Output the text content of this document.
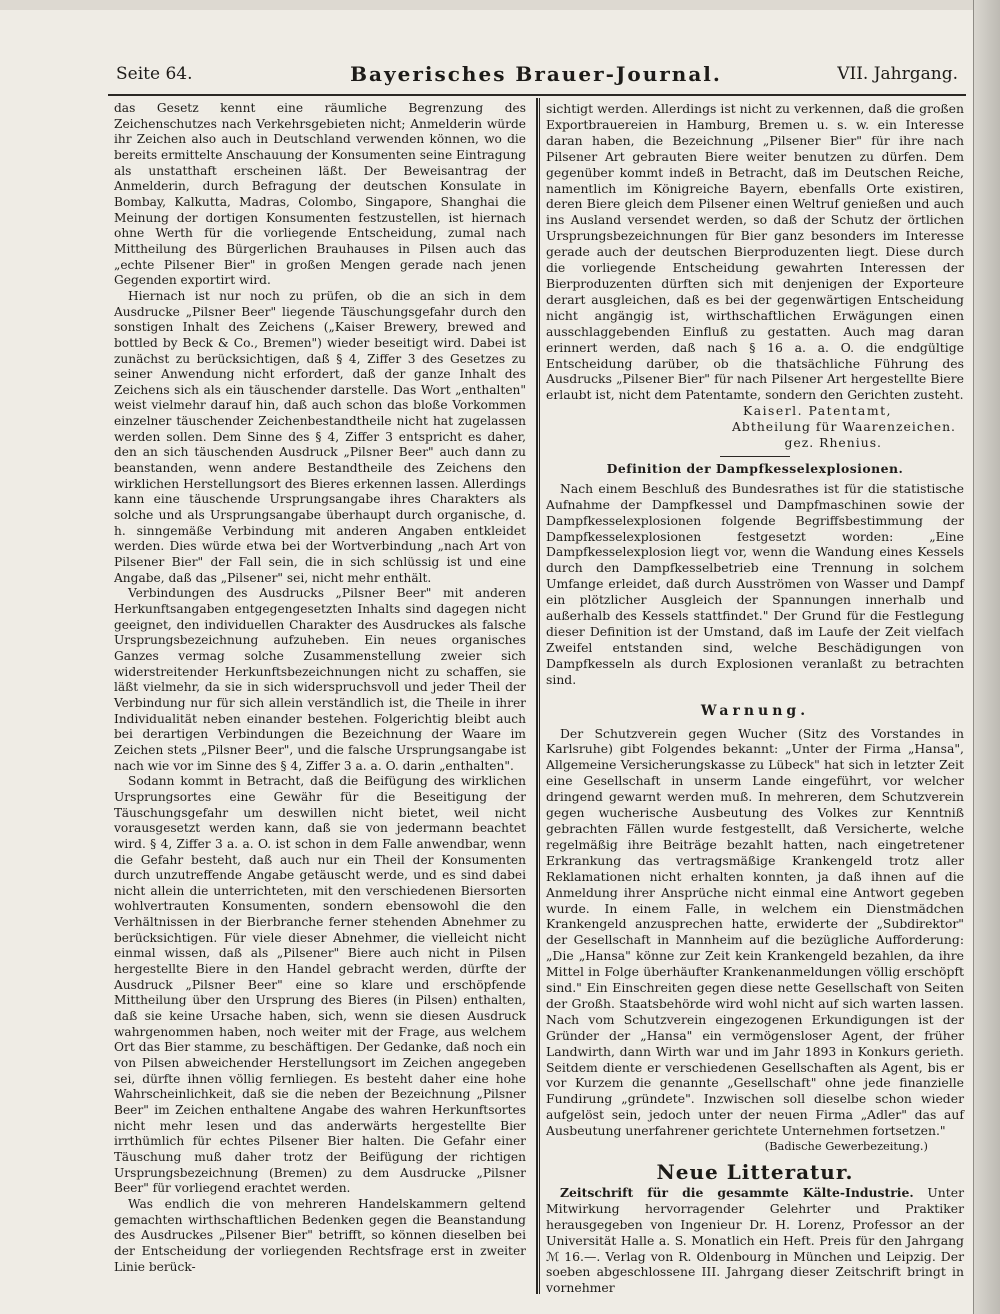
Seite 64.	Bayerisches Brauer-Journal.	VII. Jahrgang.

das Gesetz kennt eine räumliche Begrenzung des Zeichenschutzes nach Verkehrsgebieten nicht; Anmelderin würde ihr Zeichen also auch in Deutschland verwenden können, wo die bereits ermittelte Anschauung der Konsumenten seine Eintragung als unstatthaft erscheinen läßt. Der Beweisantrag der Anmelderin, durch Befragung der deutschen Konsulate in Bombay, Kalkutta, Madras, Colombo, Singapore, Shanghai die Meinung der dortigen Konsumenten festzustellen, ist hiernach ohne Werth für die vorliegende Entscheidung, zumal nach Mittheilung des Bürgerlichen Brauhauses in Pilsen auch das „echte Pilsener Bier" in großen Mengen gerade nach jenen Gegenden exportirt wird.

Hiernach ist nur noch zu prüfen, ob die an sich in dem Ausdrucke „Pilsner Beer" liegende Täuschungsgefahr durch den sonstigen Inhalt des Zeichens („Kaiser Brewery, brewed and bottled by Beck & Co., Bremen") wieder beseitigt wird. Dabei ist zunächst zu berücksichtigen, daß § 4, Ziffer 3 des Gesetzes zu seiner Anwendung nicht erfordert, daß der ganze Inhalt des Zeichens sich als ein täuschender darstelle. Das Wort „enthalten" weist vielmehr darauf hin, daß auch schon das bloße Vorkommen einzelner täuschender Zeichenbestandtheile nicht hat zugelassen werden sollen. Dem Sinne des § 4, Ziffer 3 entspricht es daher, den an sich täuschenden Ausdruck „Pilsner Beer" auch dann zu beanstanden, wenn andere Bestandtheile des Zeichens den wirklichen Herstellungsort des Bieres erkennen lassen. Allerdings kann eine täuschende Ursprungsangabe ihres Charakters als solche und als Ursprungsangabe überhaupt durch organische, d. h. sinngemäße Verbindung mit anderen Angaben entkleidet werden. Dies würde etwa bei der Wortverbindung „nach Art von Pilsener Bier" der Fall sein, die in sich schlüssig ist und eine Angabe, daß das „Pilsener" sei, nicht mehr enthält.

Verbindungen des Ausdrucks „Pilsner Beer" mit anderen Herkunftsangaben entgegengesetzten Inhalts sind dagegen nicht geeignet, den individuellen Charakter des Ausdruckes als falsche Ursprungsbezeichnung aufzuheben. Ein neues organisches Ganzes vermag solche Zusammenstellung zweier sich widerstreitender Herkunftsbezeichnungen nicht zu schaffen, sie läßt vielmehr, da sie in sich widerspruchsvoll und jeder Theil der Verbindung nur für sich allein verständlich ist, die Theile in ihrer Individualität neben einander bestehen. Folgerichtig bleibt auch bei derartigen Verbindungen die Bezeichnung der Waare im Zeichen stets „Pilsner Beer", und die falsche Ursprungsangabe ist nach wie vor im Sinne des § 4, Ziffer 3 a. a. O. darin „enthalten".

Sodann kommt in Betracht, daß die Beifügung des wirklichen Ursprungsortes eine Gewähr für die Beseitigung der Täuschungsgefahr um deswillen nicht bietet, weil nicht vorausgesetzt werden kann, daß sie von jedermann beachtet wird. § 4, Ziffer 3 a. a. O. ist schon in dem Falle anwendbar, wenn die Gefahr besteht, daß auch nur ein Theil der Konsumenten durch unzutreffende Angabe getäuscht werde, und es sind dabei nicht allein die unterrichteten, mit den verschiedenen Biersorten wohlvertrauten Konsumenten, sondern ebensowohl die den Verhältnissen in der Bierbranche ferner stehenden Abnehmer zu berücksichtigen. Für viele dieser Abnehmer, die vielleicht nicht einmal wissen, daß als „Pilsener" Biere auch nicht in Pilsen hergestellte Biere in den Handel gebracht werden, dürfte der Ausdruck „Pilsner Beer" eine so klare und erschöpfende Mittheilung über den Ursprung des Bieres (in Pilsen) enthalten, daß sie keine Ursache haben, sich, wenn sie diesen Ausdruck wahrgenommen haben, noch weiter mit der Frage, aus welchem Ort das Bier stamme, zu beschäftigen. Der Gedanke, daß noch ein von Pilsen abweichender Herstellungsort im Zeichen angegeben sei, dürfte ihnen völlig fernliegen. Es besteht daher eine hohe Wahrscheinlichkeit, daß sie die neben der Bezeichnung „Pilsner Beer" im Zeichen enthaltene Angabe des wahren Herkunftsortes nicht mehr lesen und das anderwärts hergestellte Bier irrthümlich für echtes Pilsener Bier halten. Die Gefahr einer Täuschung muß daher trotz der Beifügung der richtigen Ursprungsbezeichnung (Bremen) zu dem Ausdrucke „Pilsner Beer" für vorliegend erachtet werden.

Was endlich die von mehreren Handelskammern geltend gemachten wirthschaftlichen Bedenken gegen die Beanstandung des Ausdruckes „Pilsener Bier" betrifft, so können dieselben bei der Entscheidung der vorliegenden Rechtsfrage erst in zweiter Linie berück-

sichtigt werden. Allerdings ist nicht zu verkennen, daß die großen Exportbrauereien in Hamburg, Bremen u. s. w. ein Interesse daran haben, die Bezeichnung „Pilsener Bier" für ihre nach Pilsener Art gebrauten Biere weiter benutzen zu dürfen. Dem gegenüber kommt indeß in Betracht, daß im Deutschen Reiche, namentlich im Königreiche Bayern, ebenfalls Orte existiren, deren Biere gleich dem Pilsener einen Weltruf genießen und auch ins Ausland versendet werden, so daß der Schutz der örtlichen Ursprungsbezeichnungen für Bier ganz besonders im Interesse gerade auch der deutschen Bierproduzenten liegt. Diese durch die vorliegende Entscheidung gewahrten Interessen der Bierproduzenten dürften sich mit denjenigen der Exporteure derart ausgleichen, daß es bei der gegenwärtigen Entscheidung nicht angängig ist, wirthschaftlichen Erwägungen einen ausschlaggebenden Einfluß zu gestatten. Auch mag daran erinnert werden, daß nach § 16 a. a. O. die endgültige Entscheidung darüber, ob die thatsächliche Führung des Ausdrucks „Pilsener Bier" für nach Pilsener Art hergestellte Biere erlaubt ist, nicht dem Patentamte, sondern den Gerichten zusteht.

Kaiserl. Patentamt,
Abtheilung für Waarenzeichen.
gez. Rhenius.

Definition der Dampfkesselexplosionen.

Nach einem Beschluß des Bundesrathes ist für die statistische Aufnahme der Dampfkessel und Dampfmaschinen sowie der Dampfkesselexplosionen folgende Begriffsbestimmung der Dampfkesselexplosionen festgesetzt worden: „Eine Dampfkesselexplosion liegt vor, wenn die Wandung eines Kessels durch den Dampfkesselbetrieb eine Trennung in solchem Umfange erleidet, daß durch Ausströmen von Wasser und Dampf ein plötzlicher Ausgleich der Spannungen innerhalb und außerhalb des Kessels stattfindet." Der Grund für die Festlegung dieser Definition ist der Umstand, daß im Laufe der Zeit vielfach Zweifel entstanden sind, welche Beschädigungen von Dampfkesseln als durch Explosionen veranlaßt zu betrachten sind.

Warnung.

Der Schutzverein gegen Wucher (Sitz des Vorstandes in Karlsruhe) gibt Folgendes bekannt: „Unter der Firma „Hansa", Allgemeine Versicherungskasse zu Lübeck" hat sich in letzter Zeit eine Gesellschaft in unserm Lande eingeführt, vor welcher dringend gewarnt werden muß. In mehreren, dem Schutzverein gegen wucherische Ausbeutung des Volkes zur Kenntniß gebrachten Fällen wurde festgestellt, daß Versicherte, welche regelmäßig ihre Beiträge bezahlt hatten, nach eingetretener Erkrankung das vertragsmäßige Krankengeld trotz aller Reklamationen nicht erhalten konnten, ja daß ihnen auf die Anmeldung ihrer Ansprüche nicht einmal eine Antwort gegeben wurde. In einem Falle, in welchem ein Dienstmädchen Krankengeld anzusprechen hatte, erwiderte der „Subdirektor" der Gesellschaft in Mannheim auf die bezügliche Aufforderung: „Die „Hansa" könne zur Zeit kein Krankengeld bezahlen, da ihre Mittel in Folge überhäufter Krankenanmeldungen völlig erschöpft sind." Ein Einschreiten gegen diese nette Gesellschaft von Seiten der Großh. Staatsbehörde wird wohl nicht auf sich warten lassen. Nach vom Schutzverein eingezogenen Erkundigungen ist der Gründer der „Hansa" ein vermögensloser Agent, der früher Landwirth, dann Wirth war und im Jahr 1893 in Konkurs gerieth. Seitdem diente er verschiedenen Gesellschaften als Agent, bis er vor Kurzem die genannte „Gesellschaft" ohne jede finanzielle Fundirung „gründete". Inzwischen soll dieselbe schon wieder aufgelöst sein, jedoch unter der neuen Firma „Adler" das auf Ausbeutung unerfahrener gerichtete Unternehmen fortsetzen."

(Badische Gewerbezeitung.)

Neue Litteratur.

Zeitschrift für die gesammte Kälte-Industrie. Unter Mitwirkung hervorragender Gelehrter und Praktiker herausgegeben von Ingenieur Dr. H. Lorenz, Professor an der Universität Halle a. S. Monatlich ein Heft. Preis für den Jahrgang ℳ 16.—. Verlag von R. Oldenbourg in München und Leipzig. Der soeben abgeschlossene III. Jahrgang dieser Zeitschrift bringt in vornehmer
